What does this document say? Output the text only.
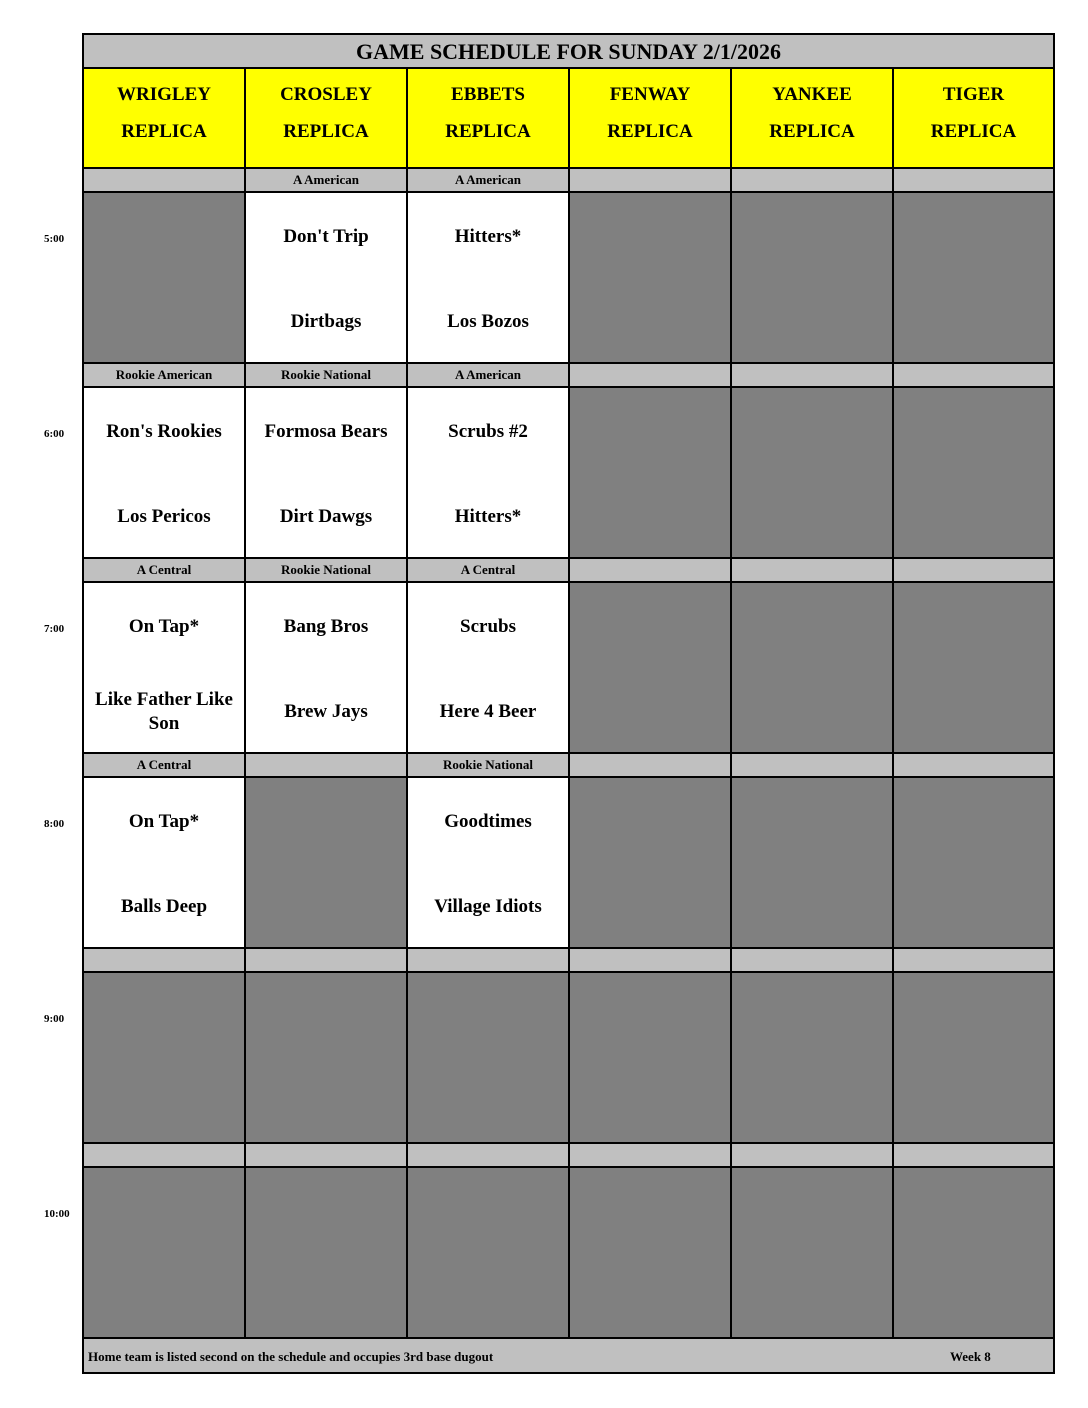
GAME SCHEDULE FOR SUNDAY 2/1/2026
WRIGLEY
REPLICA
CROSLEY
REPLICA
EBBETS
REPLICA
FENWAY
REPLICA
YANKEE
REPLICA
TIGER
REPLICA
A American
Don't Trip
Dirtbags
A American
Hitters*
Los Bozos
Rookie American
Ron's Rookies
Los Pericos
Rookie National
Formosa Bears
Dirt Dawgs
A American
Scrubs #2
Hitters*
A Central
On Tap*
Like Father Like Son
Rookie National
Bang Bros
Brew Jays
A Central
Scrubs
Here 4 Beer
A Central
On Tap*
Balls Deep
Rookie National
Goodtimes
Village Idiots
Home team is listed second on the schedule and occupies 3rd base dugout	Week 8
5:00
6:00
7:00
8:00
9:00
10:00
